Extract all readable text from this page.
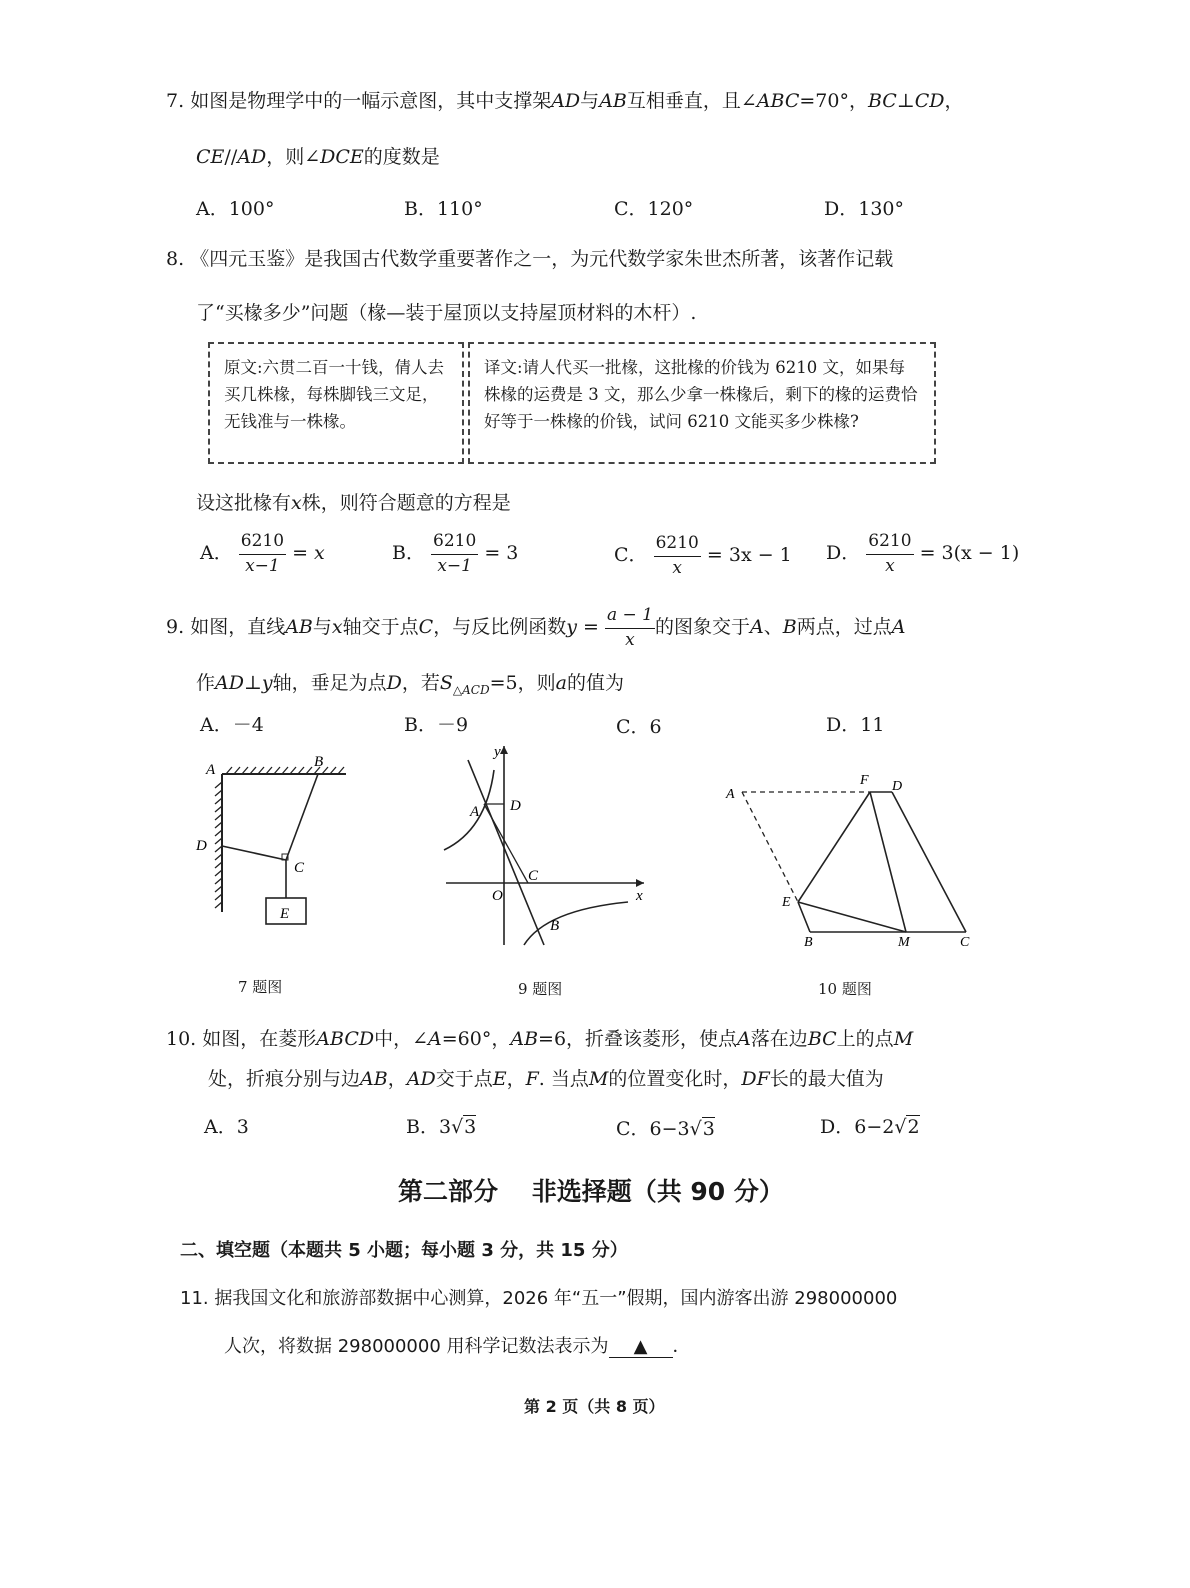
7. 如图是物理学中的一幅示意图，其中支撑架AD与AB互相垂直，且∠ABC=70°，BC⊥CD，
CE//AD，则∠DCE的度数是
A．100°	B．110°	C．120°	D．130°
8. 《四元玉鉴》是我国古代数学重要著作之一，为元代数学家朱世杰所著，该著作记载
了“买椽多少”问题（椽—装于屋顶以支持屋顶材料的木杆）.
原文:六贯二百一十钱，倩人去买几株椽，每株脚钱三文足，无钱准与一株椽。
译文:请人代买一批椽，这批椽的价钱为 6210 文，如果每株椽的运费是 3 文，那么少拿一株椽后，剩下的椽的运费恰好等于一株椽的价钱，试问 6210 文能买多少株椽?
设这批椽有x株，则符合题意的方程是
A． $\frac{6210}{x-1} = x$	B． $\frac{6210}{x-1} = 3$	C． $\frac{6210}{x} = 3x - 1$ D． $\frac{6210}{x} = 3(x - 1)$
9. 如图，直线AB与x轴交于点C，与反比例函数$y = \frac{a - 1}{x}$ 的图象交于A、B两点，过点A
作AD⊥y轴，垂足为点D，若$S_{\triangle ACD}=5$，则a的值为
A．－4	B．－9	C．6	D．11
A	B
D
C
E
7 题图
y
A D
C
O	x
B
9 题图
A
F D
E
B	M	C
10 题图
10. 如图，在菱形ABCD中，∠A=60°，AB=6，折叠该菱形，使点A落在边BC上的点M
处，折痕分别与边AB，AD交于点E，F. 当点M的位置变化时，DF长的最大值为
A．3	B．3√3	C．6−3√3	D．6−2√2
第二部分　 非选择题（共 90 分）
二、填空题（本题共 5 小题；每小题 3 分，共 15 分）
11. 据我国文化和旅游部数据中心测算，2026 年“五一”假期，国内游客出游 298000000
人次，将数据 298000000 用科学记数法表示为 ▲ ．
第 2 页（共 8 页）
